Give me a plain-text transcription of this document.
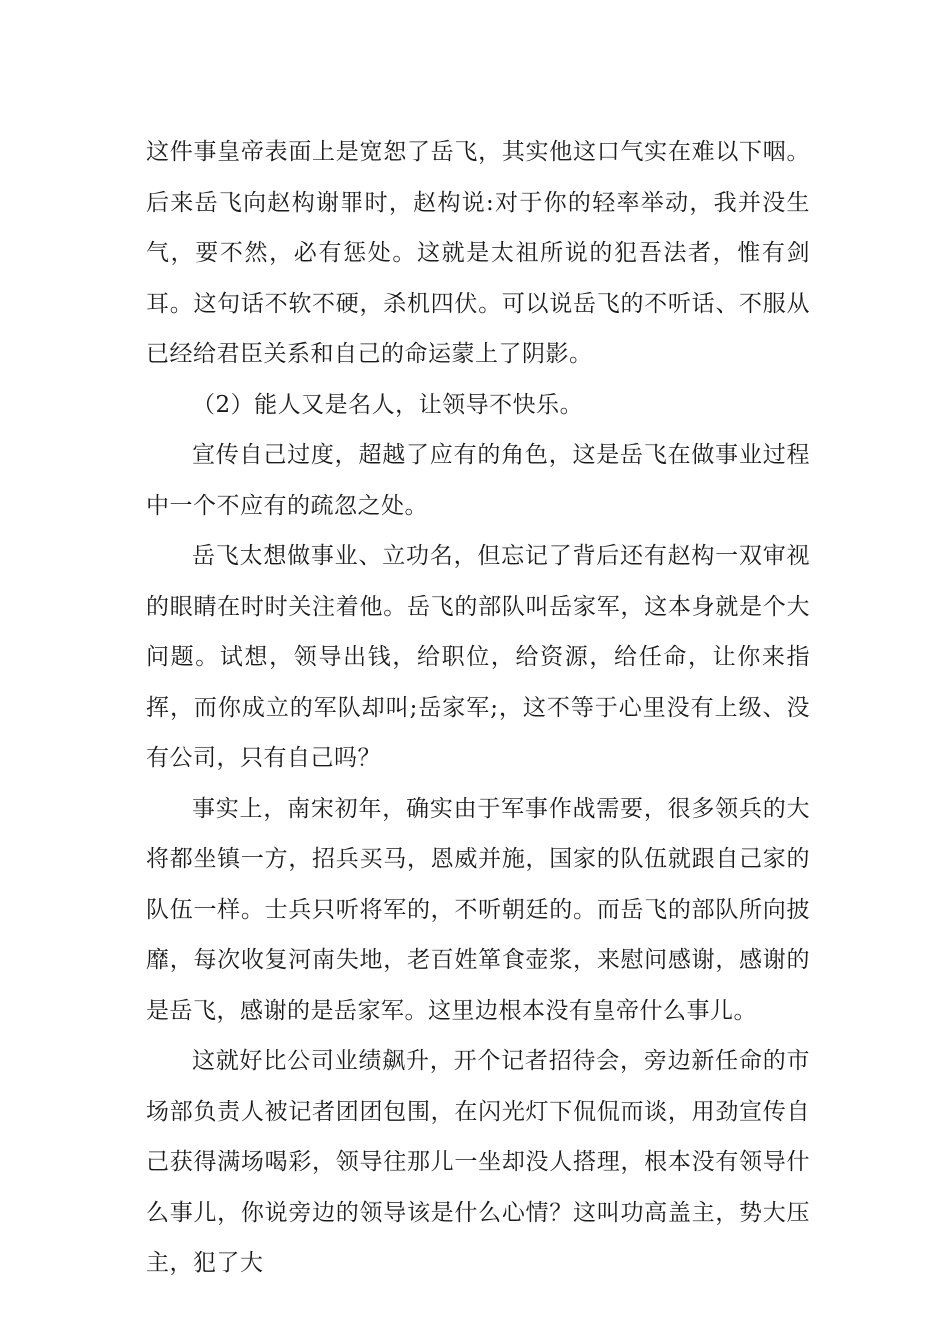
这件事皇帝表面上是宽恕了岳飞，其实他这口气实在难以下咽。后来岳飞向赵构谢罪时，赵构说:对于你的轻率举动，我并没生气，要不然，必有惩处。这就是太祖所说的犯吾法者，惟有剑耳。这句话不软不硬，杀机四伏。可以说岳飞的不听话、不服从已经给君臣关系和自己的命运蒙上了阴影。

（2）能人又是名人，让领导不快乐。

宣传自己过度，超越了应有的角色，这是岳飞在做事业过程中一个不应有的疏忽之处。

岳飞太想做事业、立功名，但忘记了背后还有赵构一双审视的眼睛在时时关注着他。岳飞的部队叫岳家军，这本身就是个大问题。试想，领导出钱，给职位，给资源，给任命，让你来指挥，而你成立的军队却叫;岳家军;，这不等于心里没有上级、没有公司，只有自己吗？

事实上，南宋初年，确实由于军事作战需要，很多领兵的大将都坐镇一方，招兵买马，恩威并施，国家的队伍就跟自己家的队伍一样。士兵只听将军的，不听朝廷的。而岳飞的部队所向披靡，每次收复河南失地，老百姓箪食壶浆，来慰问感谢，感谢的是岳飞，感谢的是岳家军。这里边根本没有皇帝什么事儿。

这就好比公司业绩飙升，开个记者招待会，旁边新任命的市场部负责人被记者团团包围，在闪光灯下侃侃而谈，用劲宣传自己获得满场喝彩，领导往那儿一坐却没人搭理，根本没有领导什么事儿，你说旁边的领导该是什么心情？这叫功高盖主，势大压主，犯了大
